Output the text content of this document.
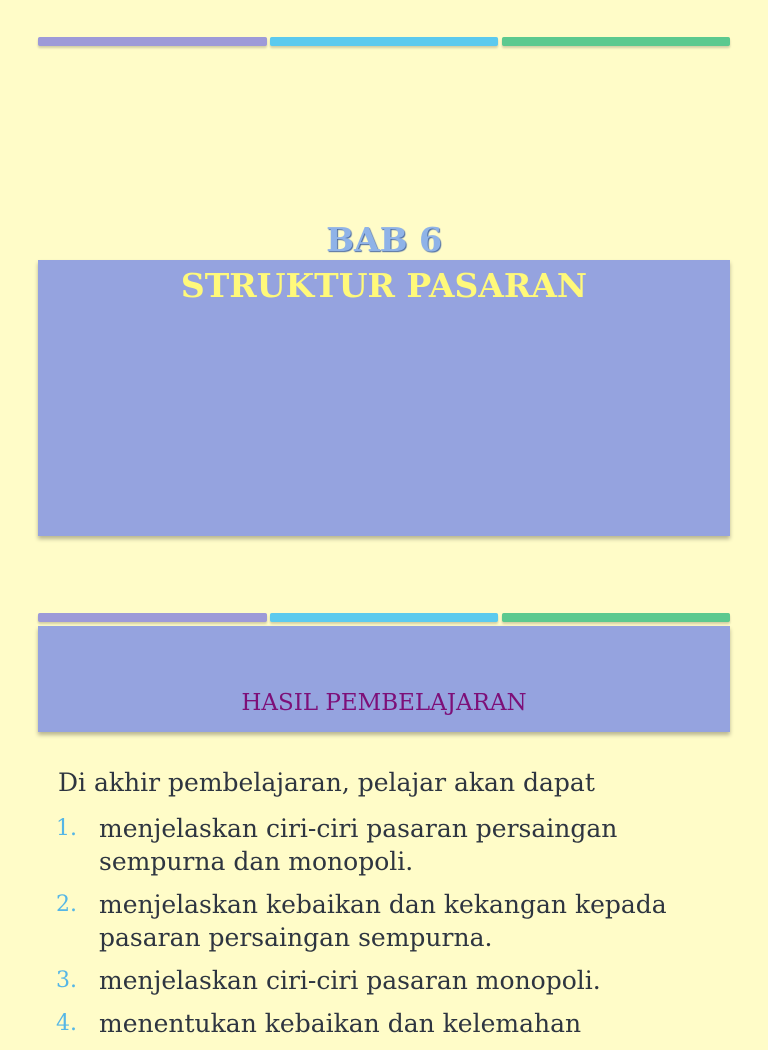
BAB 6
STRUKTUR PASARAN
HASIL PEMBELAJARAN
Di akhir pembelajaran, pelajar akan dapat
1. menjelaskan ciri-ciri pasaran persaingan sempurna dan monopoli.
2. menjelaskan kebaikan dan kekangan kepada pasaran persaingan sempurna.
3. menjelaskan ciri-ciri pasaran monopoli.
4. menentukan kebaikan dan kelemahan
